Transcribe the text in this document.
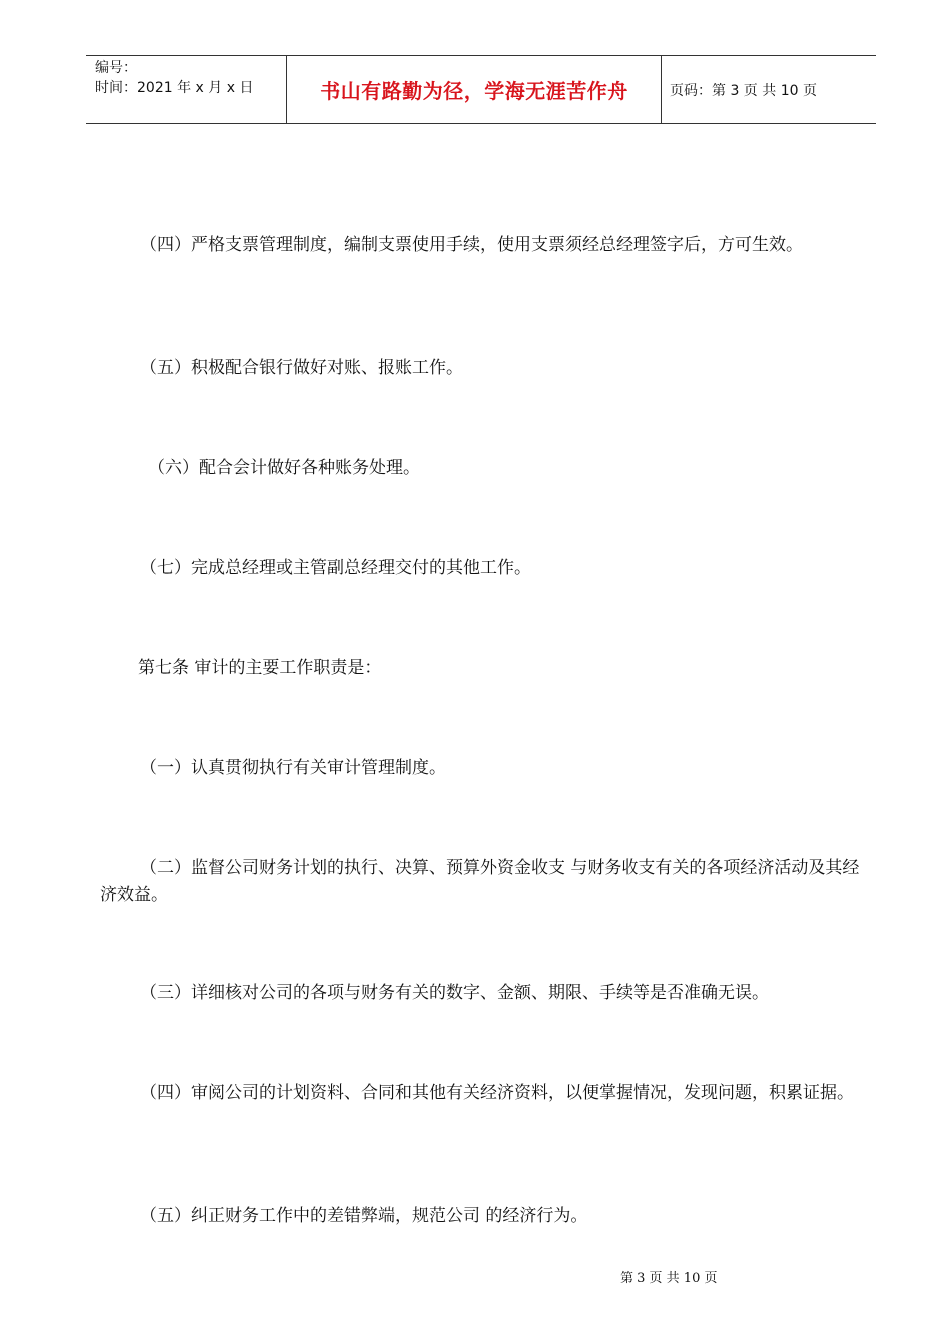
编号：
时间：2021 年 x 月 x 日	书山有路勤为径，学海无涯苦作舟	页码：第 3 页 共 10 页
（四）严格支票管理制度，编制支票使用手续，使用支票须经总经理签字后，方可生效。
（五）积极配合银行做好对账、报账工作。
（六）配合会计做好各种账务处理。
（七）完成总经理或主管副总经理交付的其他工作。
第七条 审计的主要工作职责是：
（一）认真贯彻执行有关审计管理制度。
（二）监督公司财务计划的执行、决算、预算外资金收支 与财务收支有关的各项经济活动及其经济效益。
（三）详细核对公司的各项与财务有关的数字、金额、期限、手续等是否准确无误。
（四）审阅公司的计划资料、合同和其他有关经济资料，以便掌握情况，发现问题，积累证据。
（五）纠正财务工作中的差错弊端，规范公司 的经济行为。
第 3 页 共 10 页
